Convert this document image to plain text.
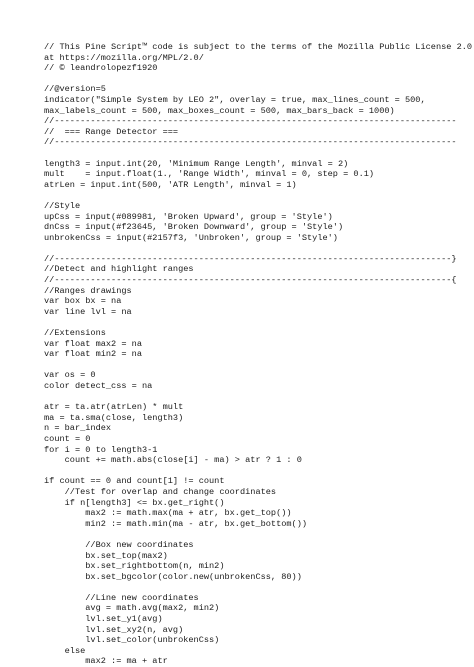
// This Pine Script™ code is subject to the terms of the Mozilla Public License 2.0
at https://mozilla.org/MPL/2.0/
// © leandrolopezf1920
//@version=5
indicator("Simple System by LEO 2", overlay = true, max_lines_count = 500,
max_labels_count = 500, max_boxes_count = 500, max_bars_back = 1000)
//------------------------------------------------------------------------------
//  === Range Detector ===
//------------------------------------------------------------------------------
length3 = input.int(20, 'Minimum Range Length', minval = 2)
mult    = input.float(1., 'Range Width', minval = 0, step = 0.1)
atrLen = input.int(500, 'ATR Length', minval = 1)
//Style
upCss = input(#089981, 'Broken Upward', group = 'Style')
dnCss = input(#f23645, 'Broken Downward', group = 'Style')
unbrokenCss = input(#2157f3, 'Unbroken', group = 'Style')
//-----------------------------------------------------------------------------}
//Detect and highlight ranges
//-----------------------------------------------------------------------------{
//Ranges drawings
var box bx = na
var line lvl = na
//Extensions
var float max2 = na
var float min2 = na
var os = 0
color detect_css = na
atr = ta.atr(atrLen) * mult
ma = ta.sma(close, length3)
n = bar_index
count = 0
for i = 0 to length3-1
count += math.abs(close[i] - ma) > atr ? 1 : 0
if count == 0 and count[1] != count
//Test for overlap and change coordinates
if n[length3] <= bx.get_right()
max2 := math.max(ma + atr, bx.get_top())
min2 := math.min(ma - atr, bx.get_bottom())
//Box new coordinates
bx.set_top(max2)
bx.set_rightbottom(n, min2)
bx.set_bgcolor(color.new(unbrokenCss, 80))
//Line new coordinates
avg = math.avg(max2, min2)
lvl.set_y1(avg)
lvl.set_xy2(n, avg)
lvl.set_color(unbrokenCss)
else
max2 := ma + atr
